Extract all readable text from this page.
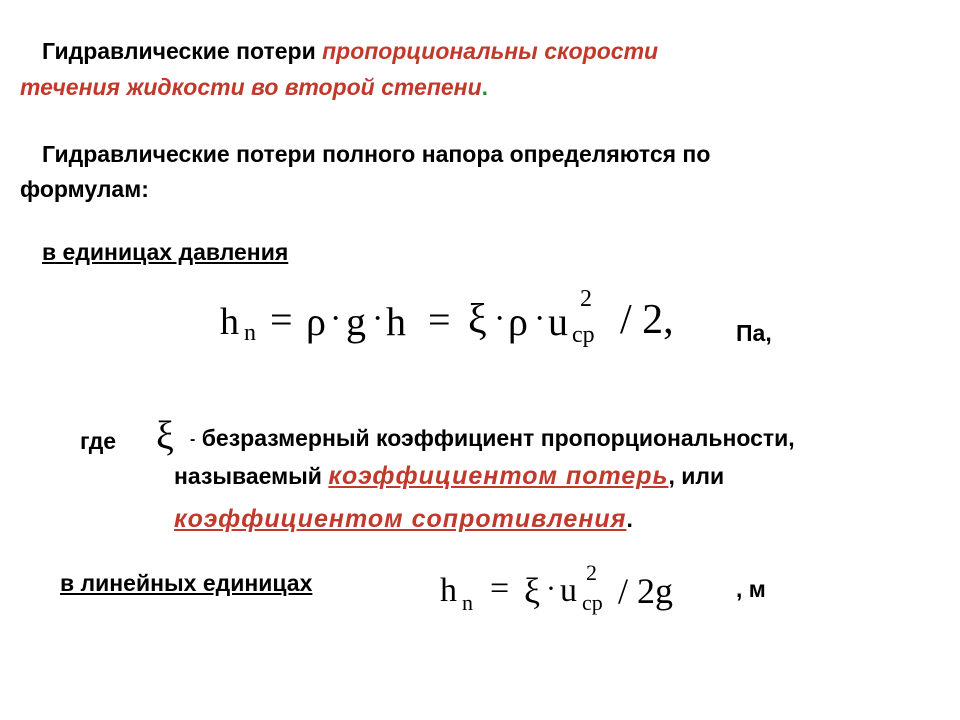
Гидравлические потери пропорциональны скорости
течения жидкости во второй степени.
Гидравлические потери полного напора определяются по
формулам:
в единицах давления
h n = ρ · g · h = ξ · ρ · u 2
ср / 2,	Па,
где ξ - безразмерный коэффициент пропорциональности,
называемый коэффициентом потерь, или
коэффициентом сопротивления.
в линейных единицах	h n = ξ · u 2
ср / 2g	, м
